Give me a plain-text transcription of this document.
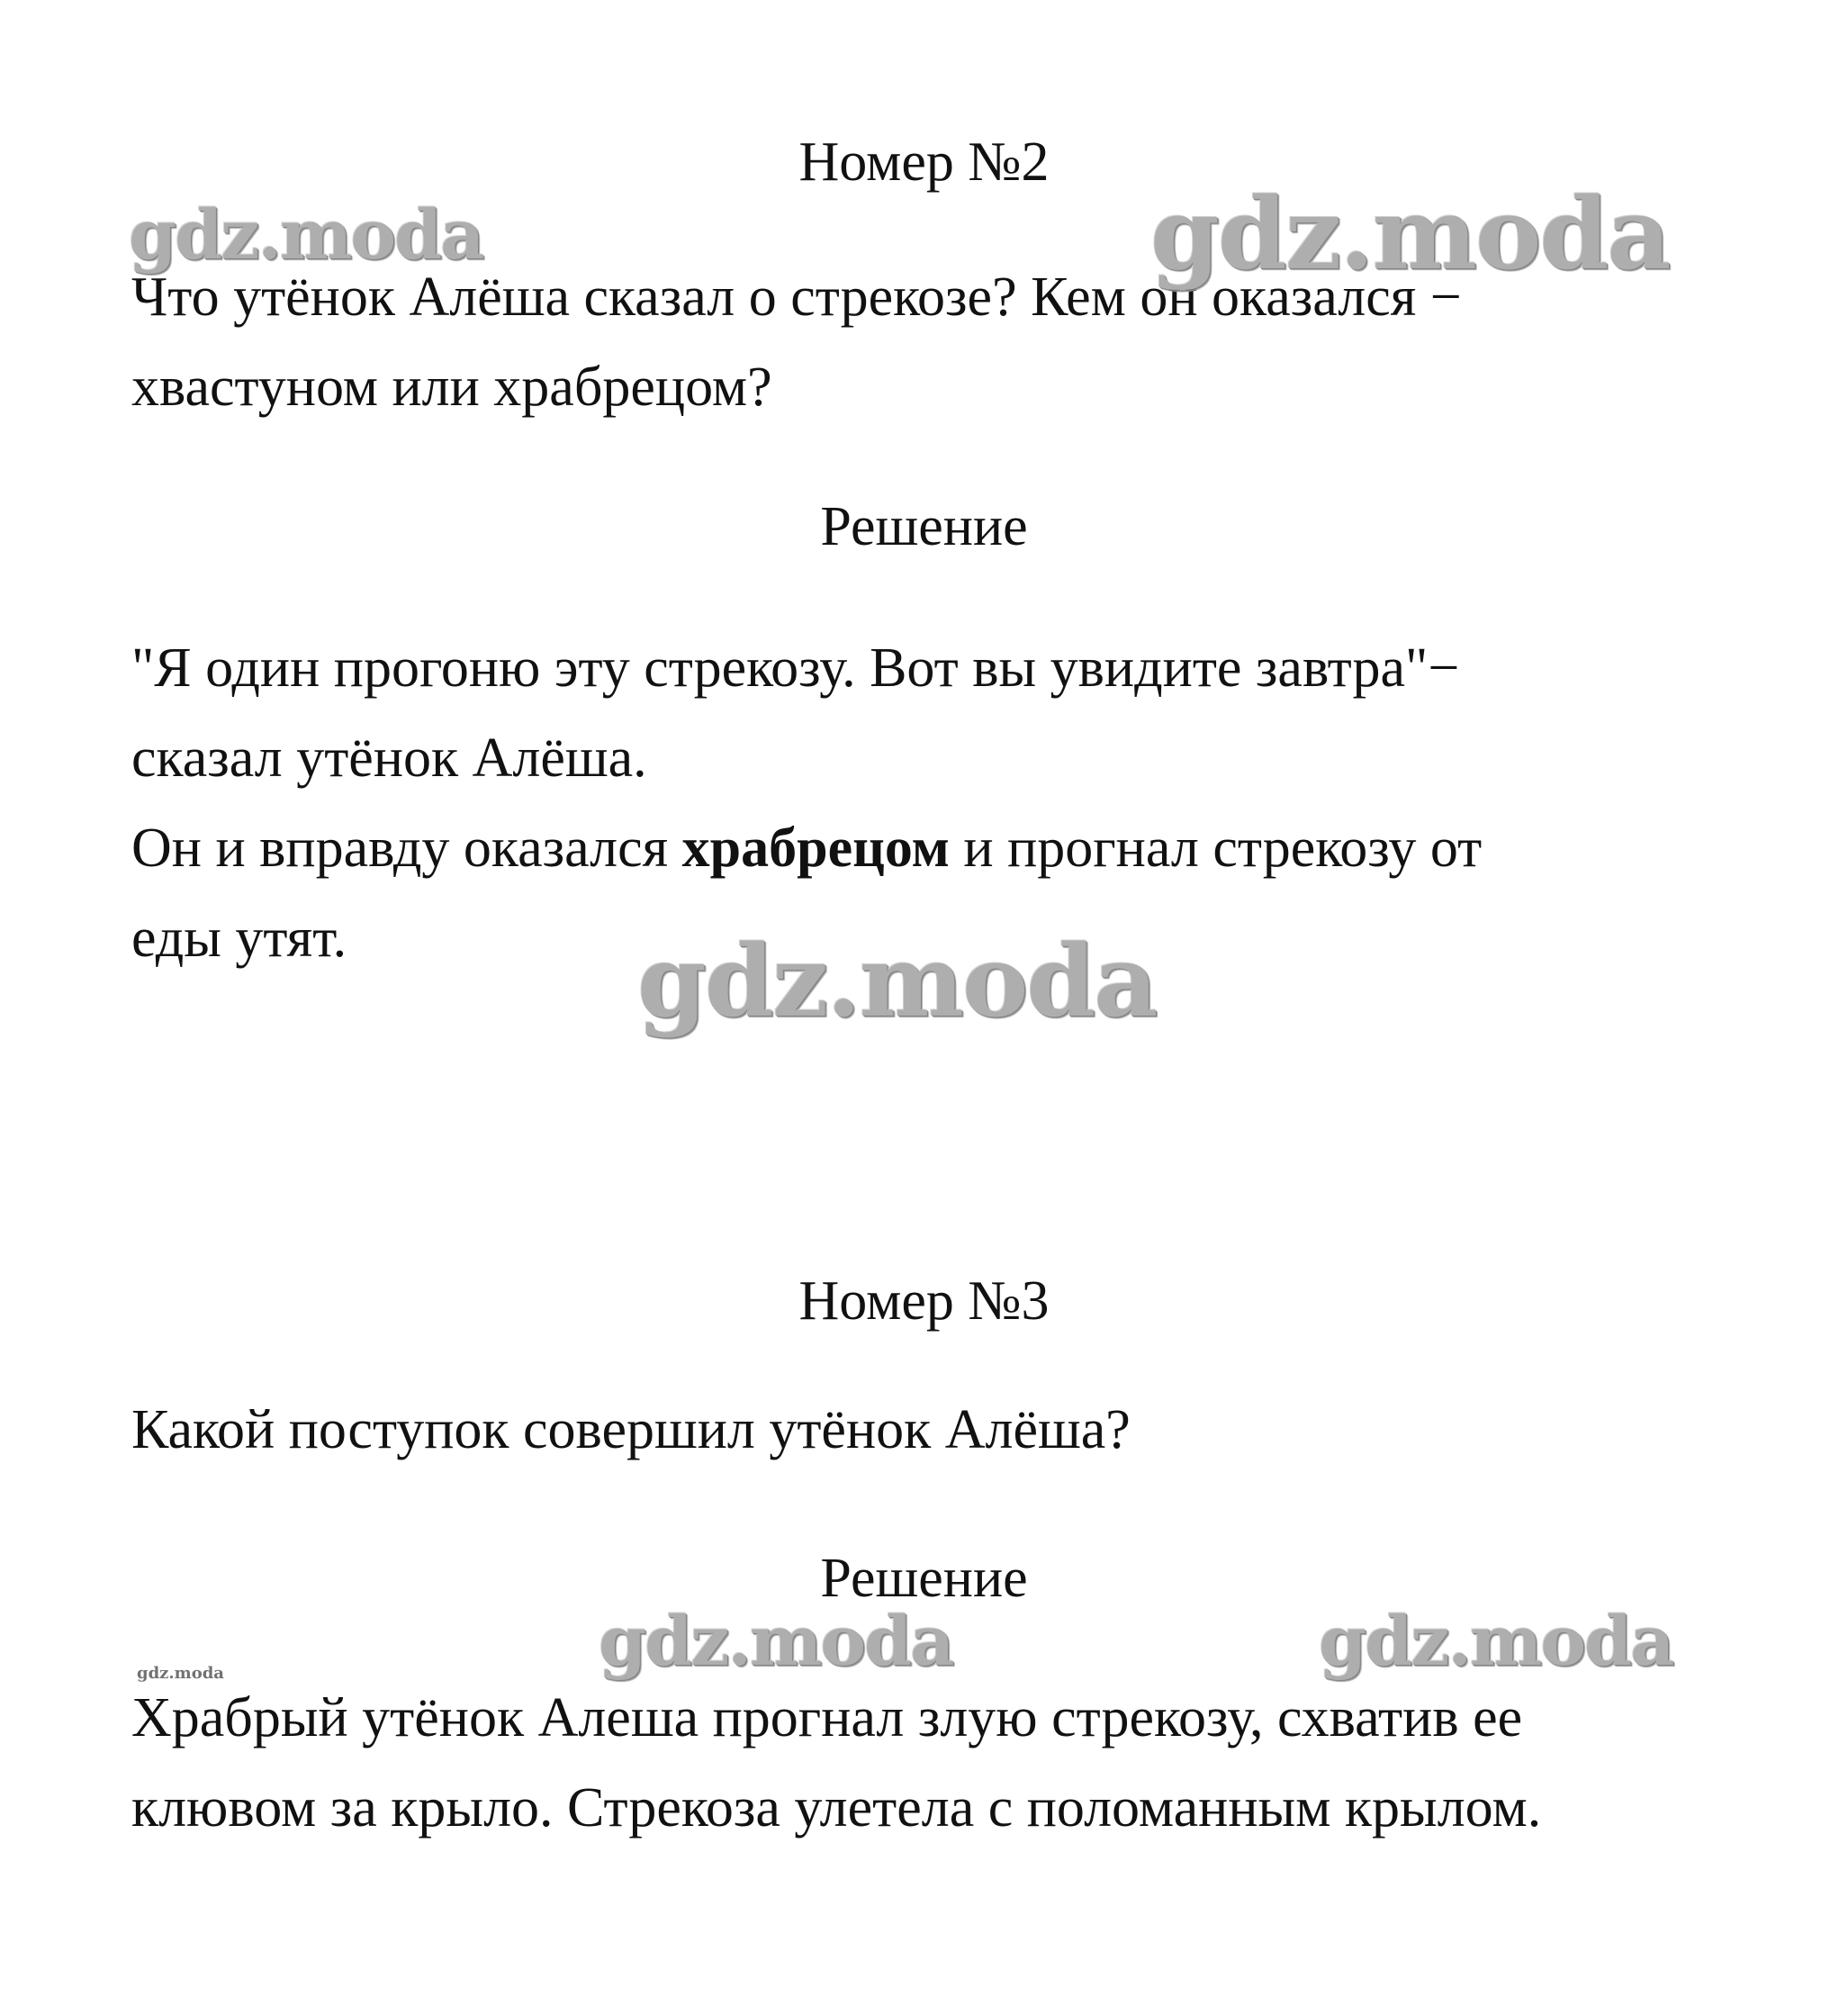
Номер №2
Что утёнок Алёша сказал о стрекозе? Кем он оказался −
хвастуном или храбрецом?
Решение
"Я один прогоню эту стрекозу. Вот вы увидите завтра"−
сказал утёнок Алёша.
Он и вправду оказался храбрецом и прогнал стрекозу от
еды утят.
Номер №3
Какой поступок совершил утёнок Алёша?
Решение
Храбрый утёнок Алеша прогнал злую стрекозу, схватив ее
клювом за крыло. Стрекоза улетела с поломанным крылом.
gdz.moda	gdz.moda
gdz.moda
gdz.moda	gdz.moda
gdz.moda
